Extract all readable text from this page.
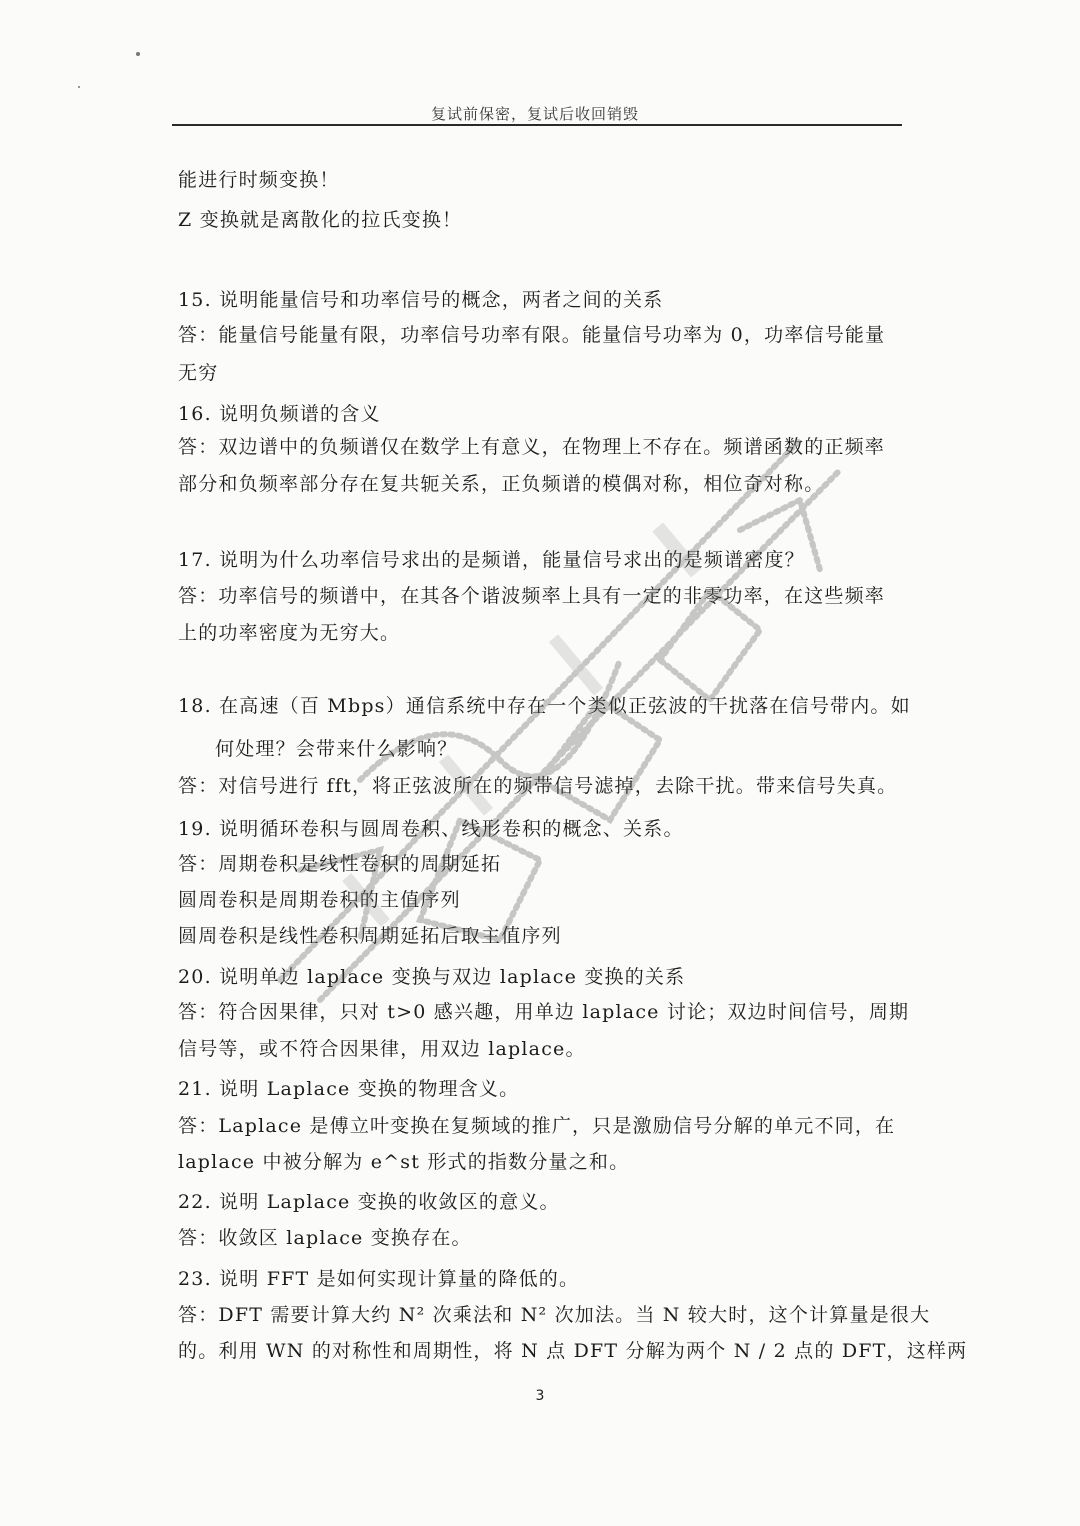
复试前保密，复试后收回销毁
能进行时频变换！
Z 变换就是离散化的拉氏变换！
15. 说明能量信号和功率信号的概念，两者之间的关系
答：能量信号能量有限，功率信号功率有限。能量信号功率为 0，功率信号能量
无穷
16. 说明负频谱的含义
答：双边谱中的负频谱仅在数学上有意义，在物理上不存在。频谱函数的正频率
部分和负频率部分存在复共轭关系，正负频谱的模偶对称，相位奇对称。
17. 说明为什么功率信号求出的是频谱，能量信号求出的是频谱密度？
答：功率信号的频谱中，在其各个谐波频率上具有一定的非零功率，在这些频率
上的功率密度为无穷大。
18. 在高速（百 Mbps）通信系统中存在一个类似正弦波的干扰落在信号带内。如
何处理？会带来什么影响？
答：对信号进行 fft，将正弦波所在的频带信号滤掉，去除干扰。带来信号失真。
19. 说明循环卷积与圆周卷积、线形卷积的概念、关系。
答：周期卷积是线性卷积的周期延拓
圆周卷积是周期卷积的主值序列
圆周卷积是线性卷积周期延拓后取主值序列
20. 说明单边 laplace 变换与双边 laplace 变换的关系
答：符合因果律，只对 t>0 感兴趣，用单边 laplace 讨论；双边时间信号，周期
信号等，或不符合因果律，用双边 laplace。
21. 说明 Laplace 变换的物理含义。
答：Laplace 是傅立叶变换在复频域的推广，只是激励信号分解的单元不同，在
laplace 中被分解为 e^st 形式的指数分量之和。
22. 说明 Laplace 变换的收敛区的意义。
答：收敛区 laplace 变换存在。
23. 说明 FFT 是如何实现计算量的降低的。
答：DFT 需要计算大约 N² 次乘法和 N² 次加法。当 N 较大时，这个计算量是很大
的。利用 WN 的对称性和周期性，将 N 点 DFT 分解为两个 N / 2 点的 DFT，这样两
3
